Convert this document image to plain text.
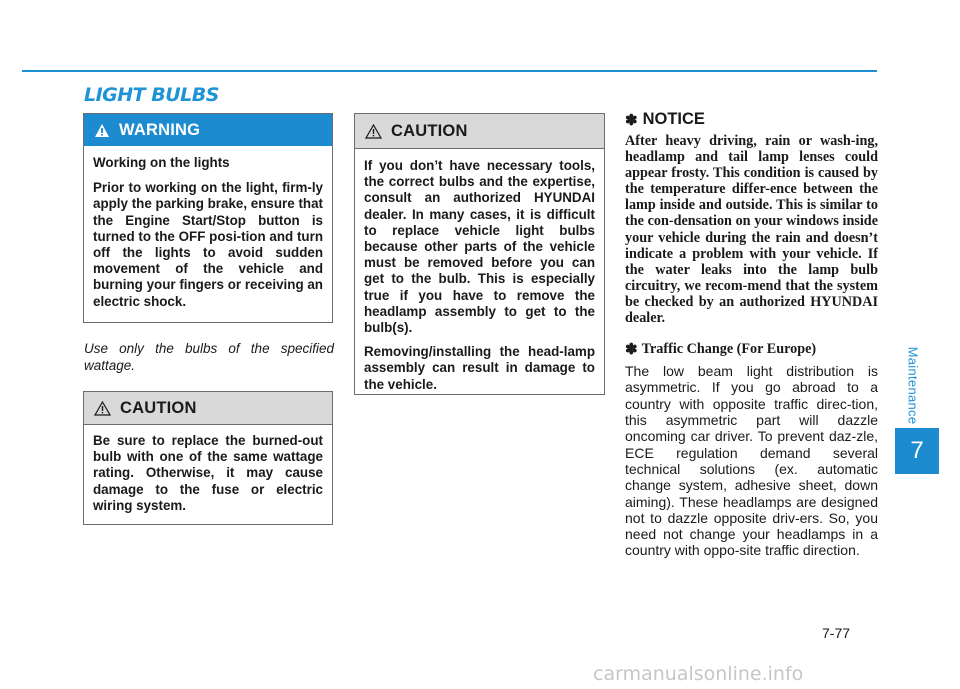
LIGHT BULBS
WARNING

Working on the lights

Prior to working on the light, firm-ly apply the parking brake, ensure that the Engine Start/Stop button is turned to the OFF posi-tion and turn off the lights to avoid sudden movement of the vehicle and burning your fingers or receiving an electric shock.

Use only the bulbs of the specified wattage.

CAUTION

Be sure to replace the burned-out bulb with one of the same wattage rating. Otherwise, it may cause damage to the fuse or electric wiring system.

CAUTION

If you don’t have necessary tools, the correct bulbs and the expertise, consult an authorized HYUNDAI dealer. In many cases, it is difficult to replace vehicle light bulbs because other parts of the vehicle must be removed before you can get to the bulb. This is especially true if you have to remove the headlamp assembly to get to the bulb(s).

Removing/installing the head-lamp assembly can result in damage to the vehicle.

✽ NOTICE

After heavy driving, rain or wash-ing, headlamp and tail lamp lenses could appear frosty. This condition is caused by the temperature differ-ence between the lamp inside and outside. This is similar to the con-densation on your windows inside your vehicle during the rain and doesn’t indicate a problem with your vehicle. If the water leaks into the lamp bulb circuitry, we recom-mend that the system be checked by an authorized HYUNDAI dealer.

✽ Traffic Change (For Europe)

The low beam light distribution is asymmetric. If you go abroad to a country with opposite traffic direc-tion, this asymmetric part will dazzle oncoming car driver. To prevent daz-zle, ECE regulation demand several technical solutions (ex. automatic change system, adhesive sheet, down aiming). These headlamps are designed not to dazzle opposite driv-ers. So, you need not change your headlamps in a country with oppo-site traffic direction.

Maintenance
7
7-77
carmanualsonline.info
